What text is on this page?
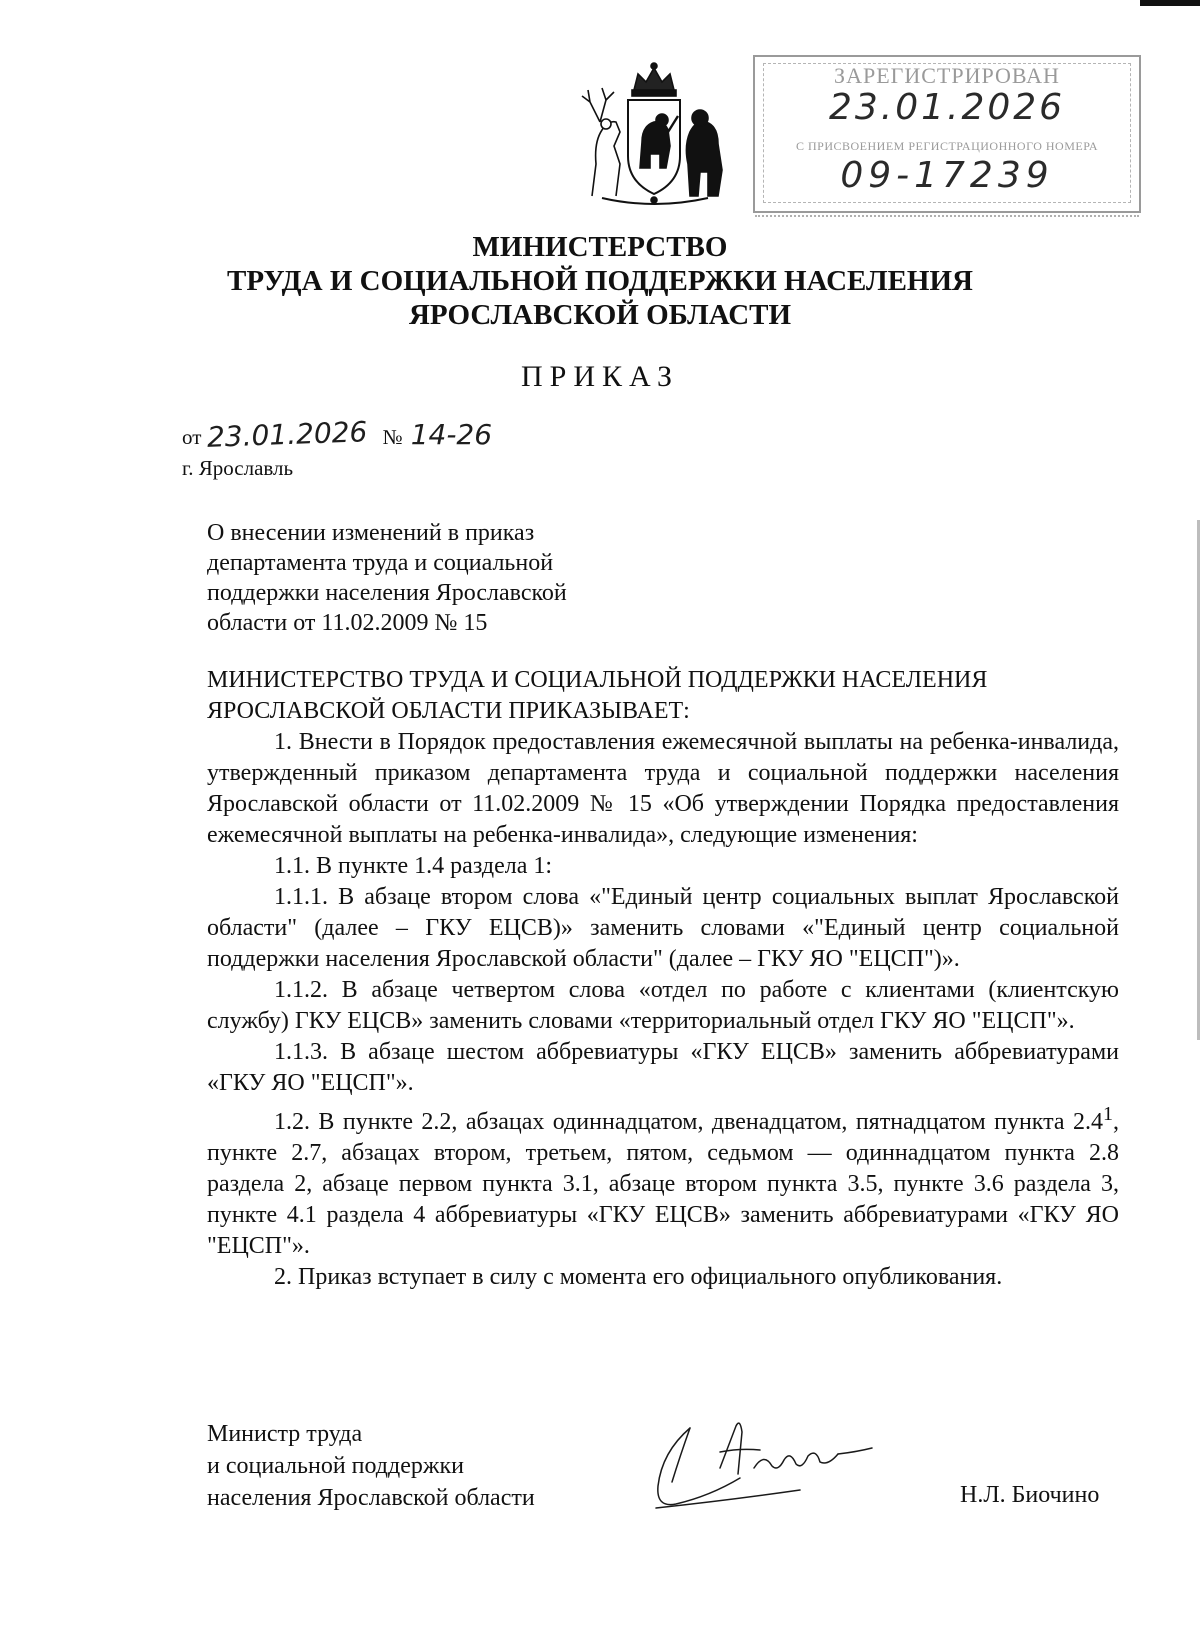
ЗАРЕГИСТРИРОВАН
23.01.2026
С ПРИСВОЕНИЕМ РЕГИСТРАЦИОННОГО НОМЕРА
09-17239
МИНИСТЕРСТВО
ТРУДА И СОЦИАЛЬНОЙ ПОДДЕРЖКИ НАСЕЛЕНИЯ
ЯРОСЛАВСКОЙ ОБЛАСТИ
ПРИКАЗ
от 23.01.2026 № 14-26
г. Ярославль
О внесении изменений в приказ
департамента труда и социальной
поддержки населения Ярославской
области от 11.02.2009 № 15

МИНИСТЕРСТВО ТРУДА И СОЦИАЛЬНОЙ ПОДДЕРЖКИ НАСЕЛЕНИЯ ЯРОСЛАВСКОЙ ОБЛАСТИ ПРИКАЗЫВАЕТ:

1. Внести в Порядок предоставления ежемесячной выплаты на ребенка-инвалида, утвержденный приказом департамента труда и социальной поддержки населения Ярославской области от 11.02.2009 № 15 «Об утверждении Порядка предоставления ежемесячной выплаты на ребенка-инвалида», следующие изменения:

1.1. В пункте 1.4 раздела 1:

1.1.1. В абзаце втором слова «"Единый центр социальных выплат Ярославской области" (далее – ГКУ ЕЦСВ)» заменить словами «"Единый центр социальной поддержки населения Ярославской области" (далее – ГКУ ЯО "ЕЦСП")».

1.1.2. В абзаце четвертом слова «отдел по работе с клиентами (клиентскую службу) ГКУ ЕЦСВ» заменить словами «территориальный отдел ГКУ ЯО "ЕЦСП"».

1.1.3. В абзаце шестом аббревиатуры «ГКУ ЕЦСВ» заменить аббревиатурами «ГКУ ЯО "ЕЦСП"».

1.2. В пункте 2.2, абзацах одиннадцатом, двенадцатом, пятнадцатом пункта $2.4^1$, пункте 2.7, абзацах втором, третьем, пятом, седьмом — одиннадцатом пункта 2.8 раздела 2, абзаце первом пункта 3.1, абзаце втором пункта 3.5, пункте 3.6 раздела 3, пункте 4.1 раздела 4 аббревиатуры «ГКУ ЕЦСВ» заменить аббревиатурами «ГКУ ЯО "ЕЦСП"».

2. Приказ вступает в силу с момента его официального опубликования.

Министр труда
и социальной поддержки
населения Ярославской области	Н.Л. Биочино
